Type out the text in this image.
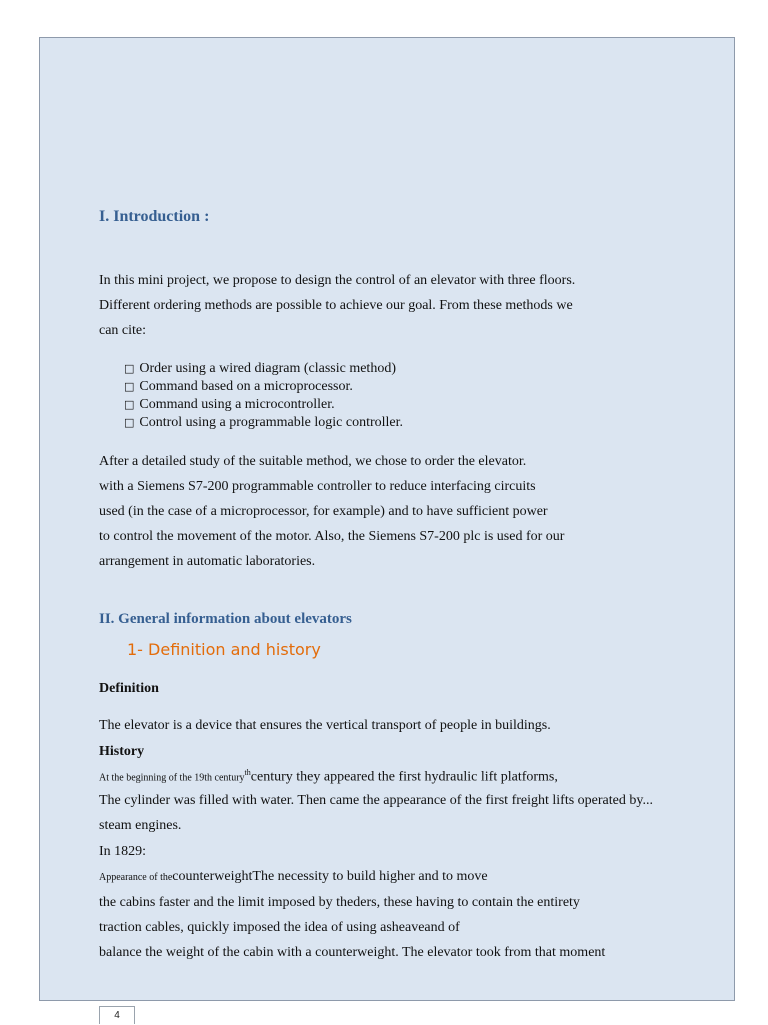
I. Introduction :
In this mini project, we propose to design the control of an elevator with three floors.
Different ordering methods are possible to achieve our goal. From these methods we
can cite:
□ Order using a wired diagram (classic method)
□ Command based on a microprocessor.
□ Command using a microcontroller.
□ Control using a programmable logic controller.
After a detailed study of the suitable method, we chose to order the elevator.
with a Siemens S7-200 programmable controller to reduce interfacing circuits
used (in the case of a microprocessor, for example) and to have sufficient power
to control the movement of the motor. Also, the Siemens S7-200 plc is used for our
arrangement in automatic laboratories.
II. General information about elevators
1- Definition and history
Definition
The elevator is a device that ensures the vertical transport of people in buildings.
History
At the beginning of the 19th century$^{th}$century they appeared the first hydraulic lift platforms,
The cylinder was filled with water. Then came the appearance of the first freight lifts operated by...
steam engines.
In 1829:
Appearance of thecounterweightThe necessity to build higher and to move
the cabins faster and the limit imposed by theders, these having to contain the entirety
traction cables, quickly imposed the idea of using asheaveand of
balance the weight of the cabin with a counterweight. The elevator took from that moment
4
